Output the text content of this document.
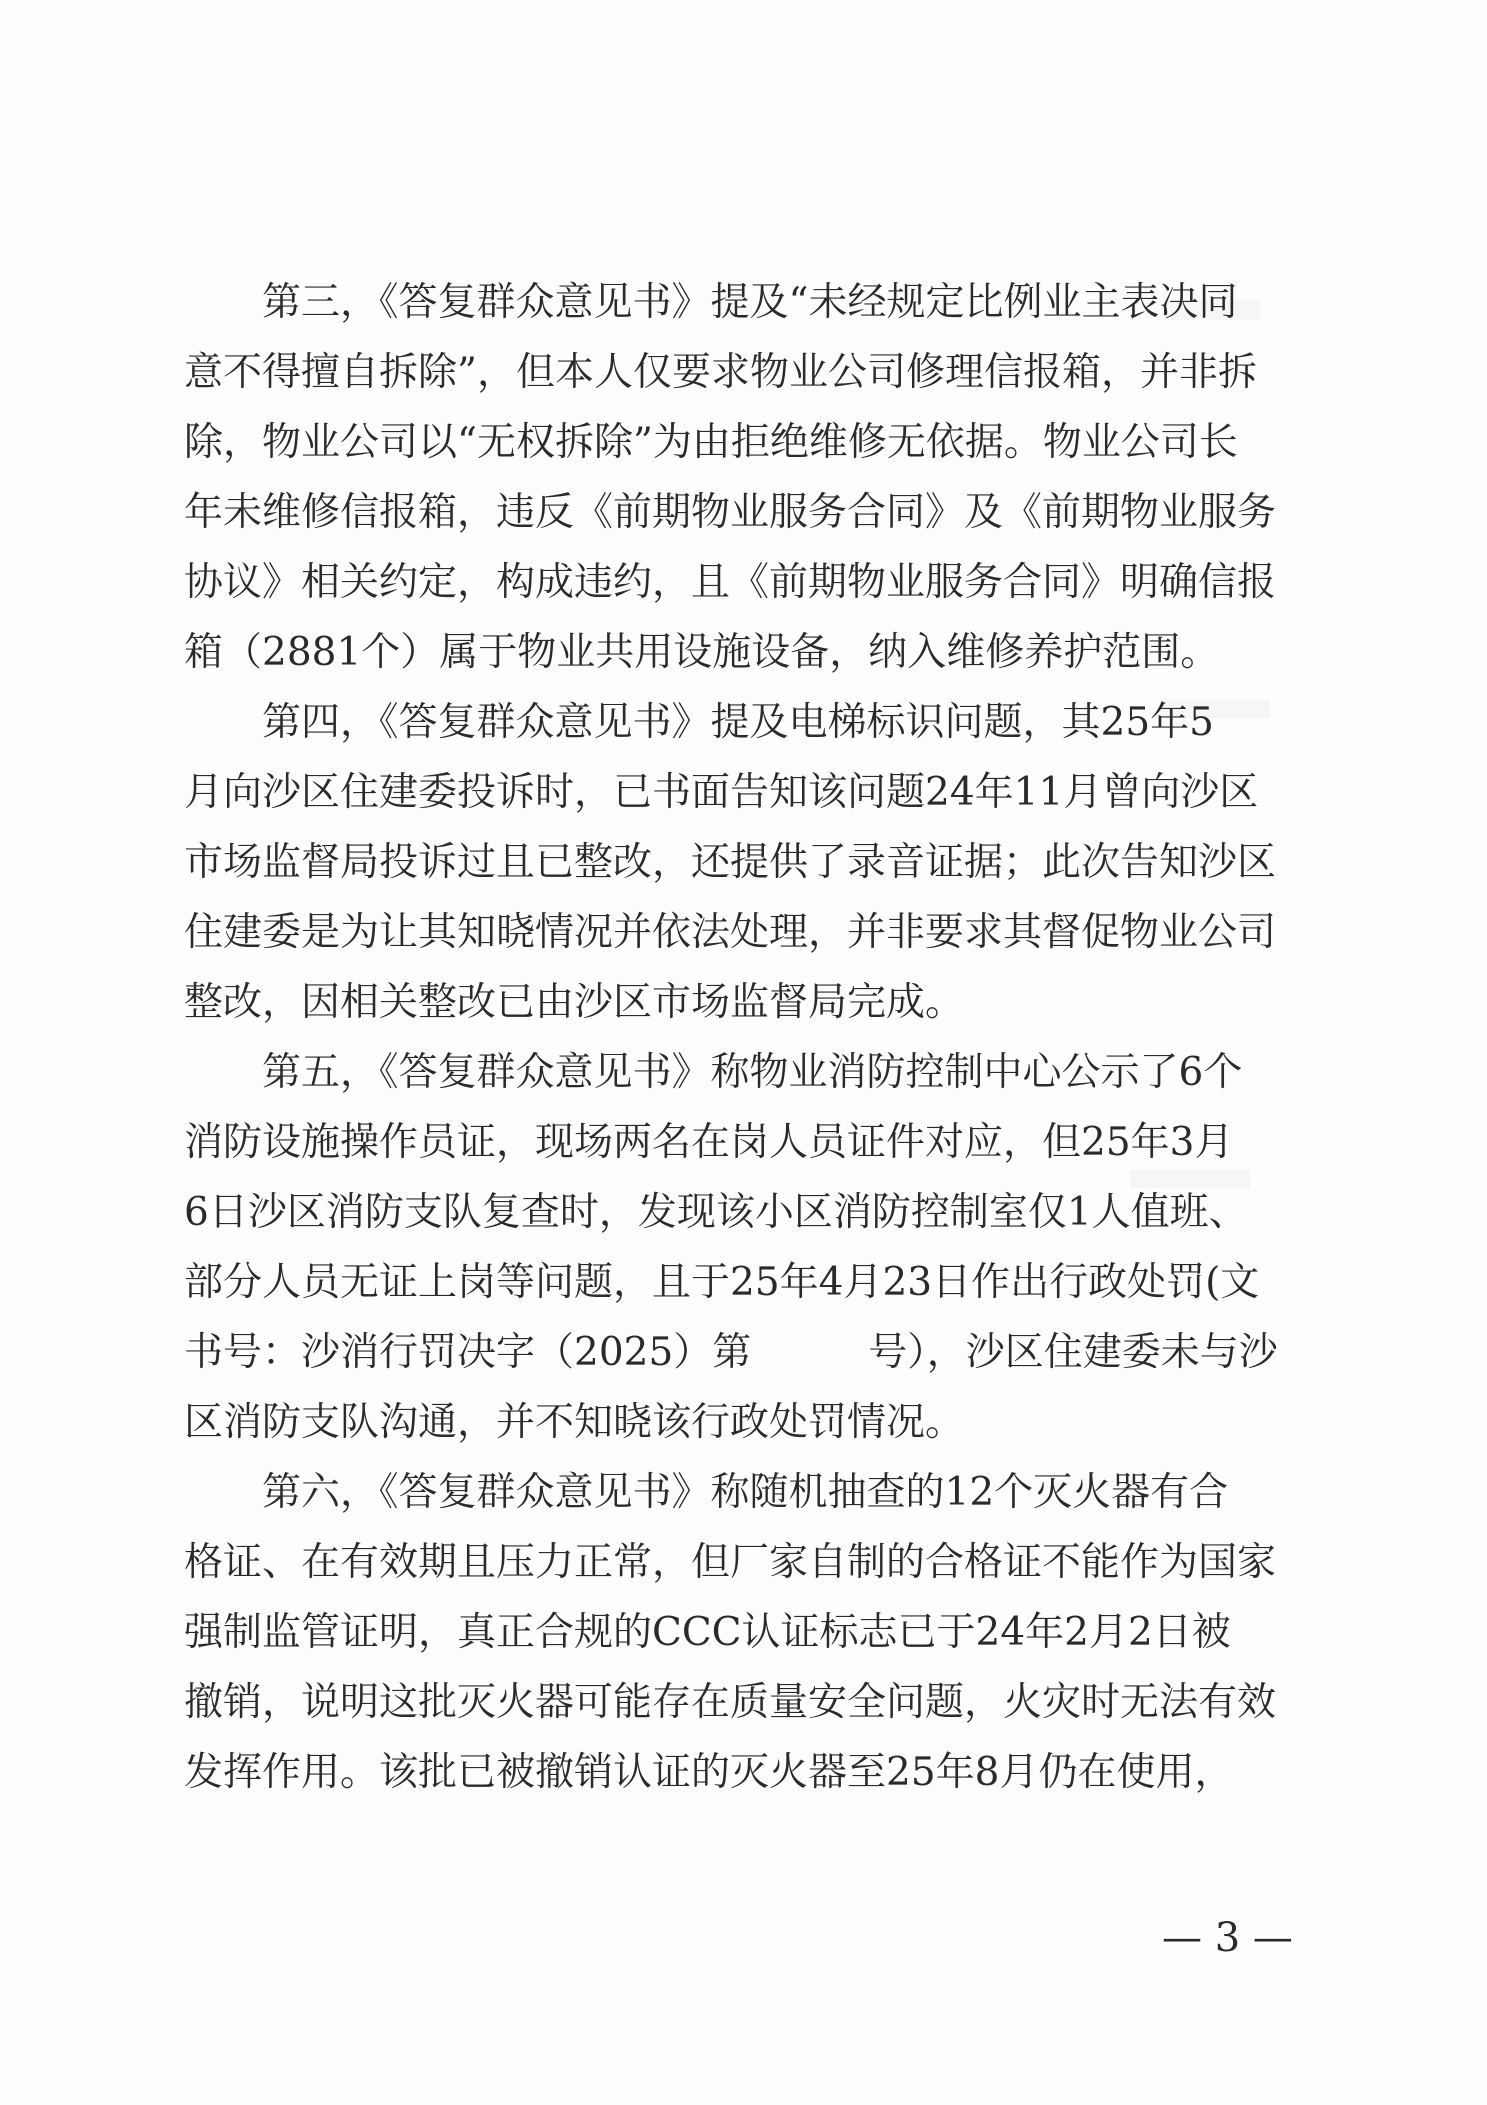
　　第三，《答复群众意见书》提及“未经规定比例业主表决同
意不得擅自拆除”，但本人仅要求物业公司修理信报箱，并非拆
除，物业公司以“无权拆除”为由拒绝维修无依据。物业公司长
年未维修信报箱，违反《前期物业服务合同》及《前期物业服务
协议》相关约定，构成违约，且《前期物业服务合同》明确信报
箱（2881个）属于物业共用设施设备，纳入维修养护范围。
　　第四，《答复群众意见书》提及电梯标识问题，其25年5
月向沙区住建委投诉时，已书面告知该问题24年11月曾向沙区
市场监督局投诉过且已整改，还提供了录音证据；此次告知沙区
住建委是为让其知晓情况并依法处理，并非要求其督促物业公司
整改，因相关整改已由沙区市场监督局完成。
　　第五，《答复群众意见书》称物业消防控制中心公示了6个
消防设施操作员证，现场两名在岗人员证件对应，但25年3月
6日沙区消防支队复查时，发现该小区消防控制室仅1人值班、
部分人员无证上岗等问题，且于25年4月23日作出行政处罚(文
书号：沙消行罚决字（2025）第　　　号），沙区住建委未与沙
区消防支队沟通，并不知晓该行政处罚情况。
　　第六，《答复群众意见书》称随机抽查的12个灭火器有合
格证、在有效期且压力正常，但厂家自制的合格证不能作为国家
强制监管证明，真正合规的CCC认证标志已于24年2月2日被
撤销，说明这批灭火器可能存在质量安全问题，火灾时无法有效
发挥作用。该批已被撤销认证的灭火器至25年8月仍在使用，
— 3 —
